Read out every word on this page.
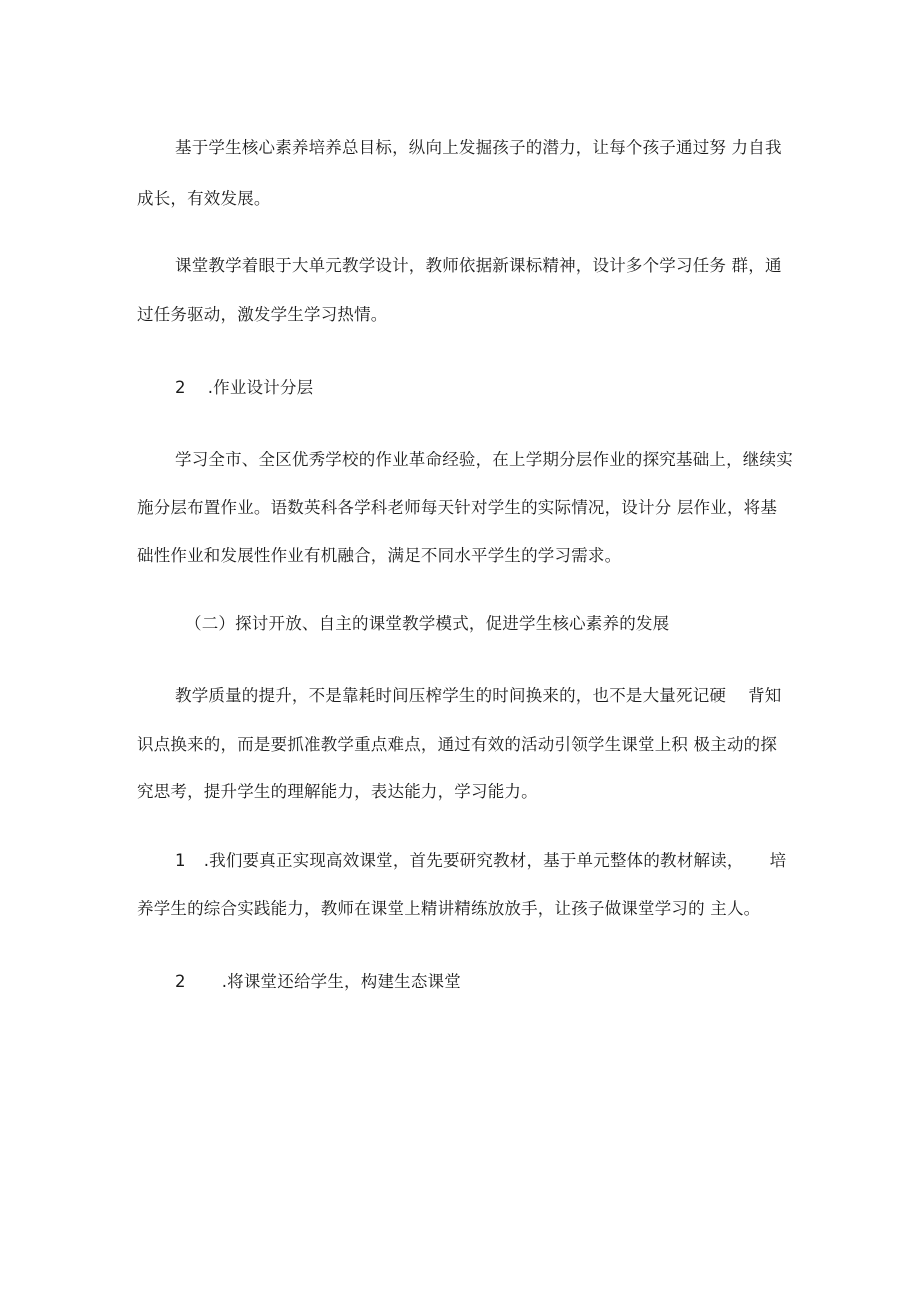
基于学生核心素养培养总目标，纵向上发掘孩子的潜力，让每个孩子通过努 力自我
成长，有效发展。
课堂教学着眼于大单元教学设计，教师依据新课标精神，设计多个学习任务 群，通
过任务驱动，激发学生学习热情。
2 .作业设计分层
学习全市、全区优秀学校的作业革命经验，在上学期分层作业的探究基础上，继续实
施分层布置作业。语数英科各学科老师每天针对学生的实际情况，设计分 层作业，将基
础性作业和发展性作业有机融合，满足不同水平学生的学习需求。
（二）探讨开放、自主的课堂教学模式，促进学生核心素养的发展
教学质量的提升，不是靠耗时间压榨学生的时间换来的，也不是大量死记硬 背知
识点换来的，而是要抓准教学重点难点，通过有效的活动引领学生课堂上积 极主动的探
究思考，提升学生的理解能力，表达能力，学习能力。
1 .我们要真正实现高效课堂，首先要研究教材，基于单元整体的教材解读， 培
养学生的综合实践能力，教师在课堂上精讲精练放放手，让孩子做课堂学习的 主人。
2 .将课堂还给学生，构建生态课堂
